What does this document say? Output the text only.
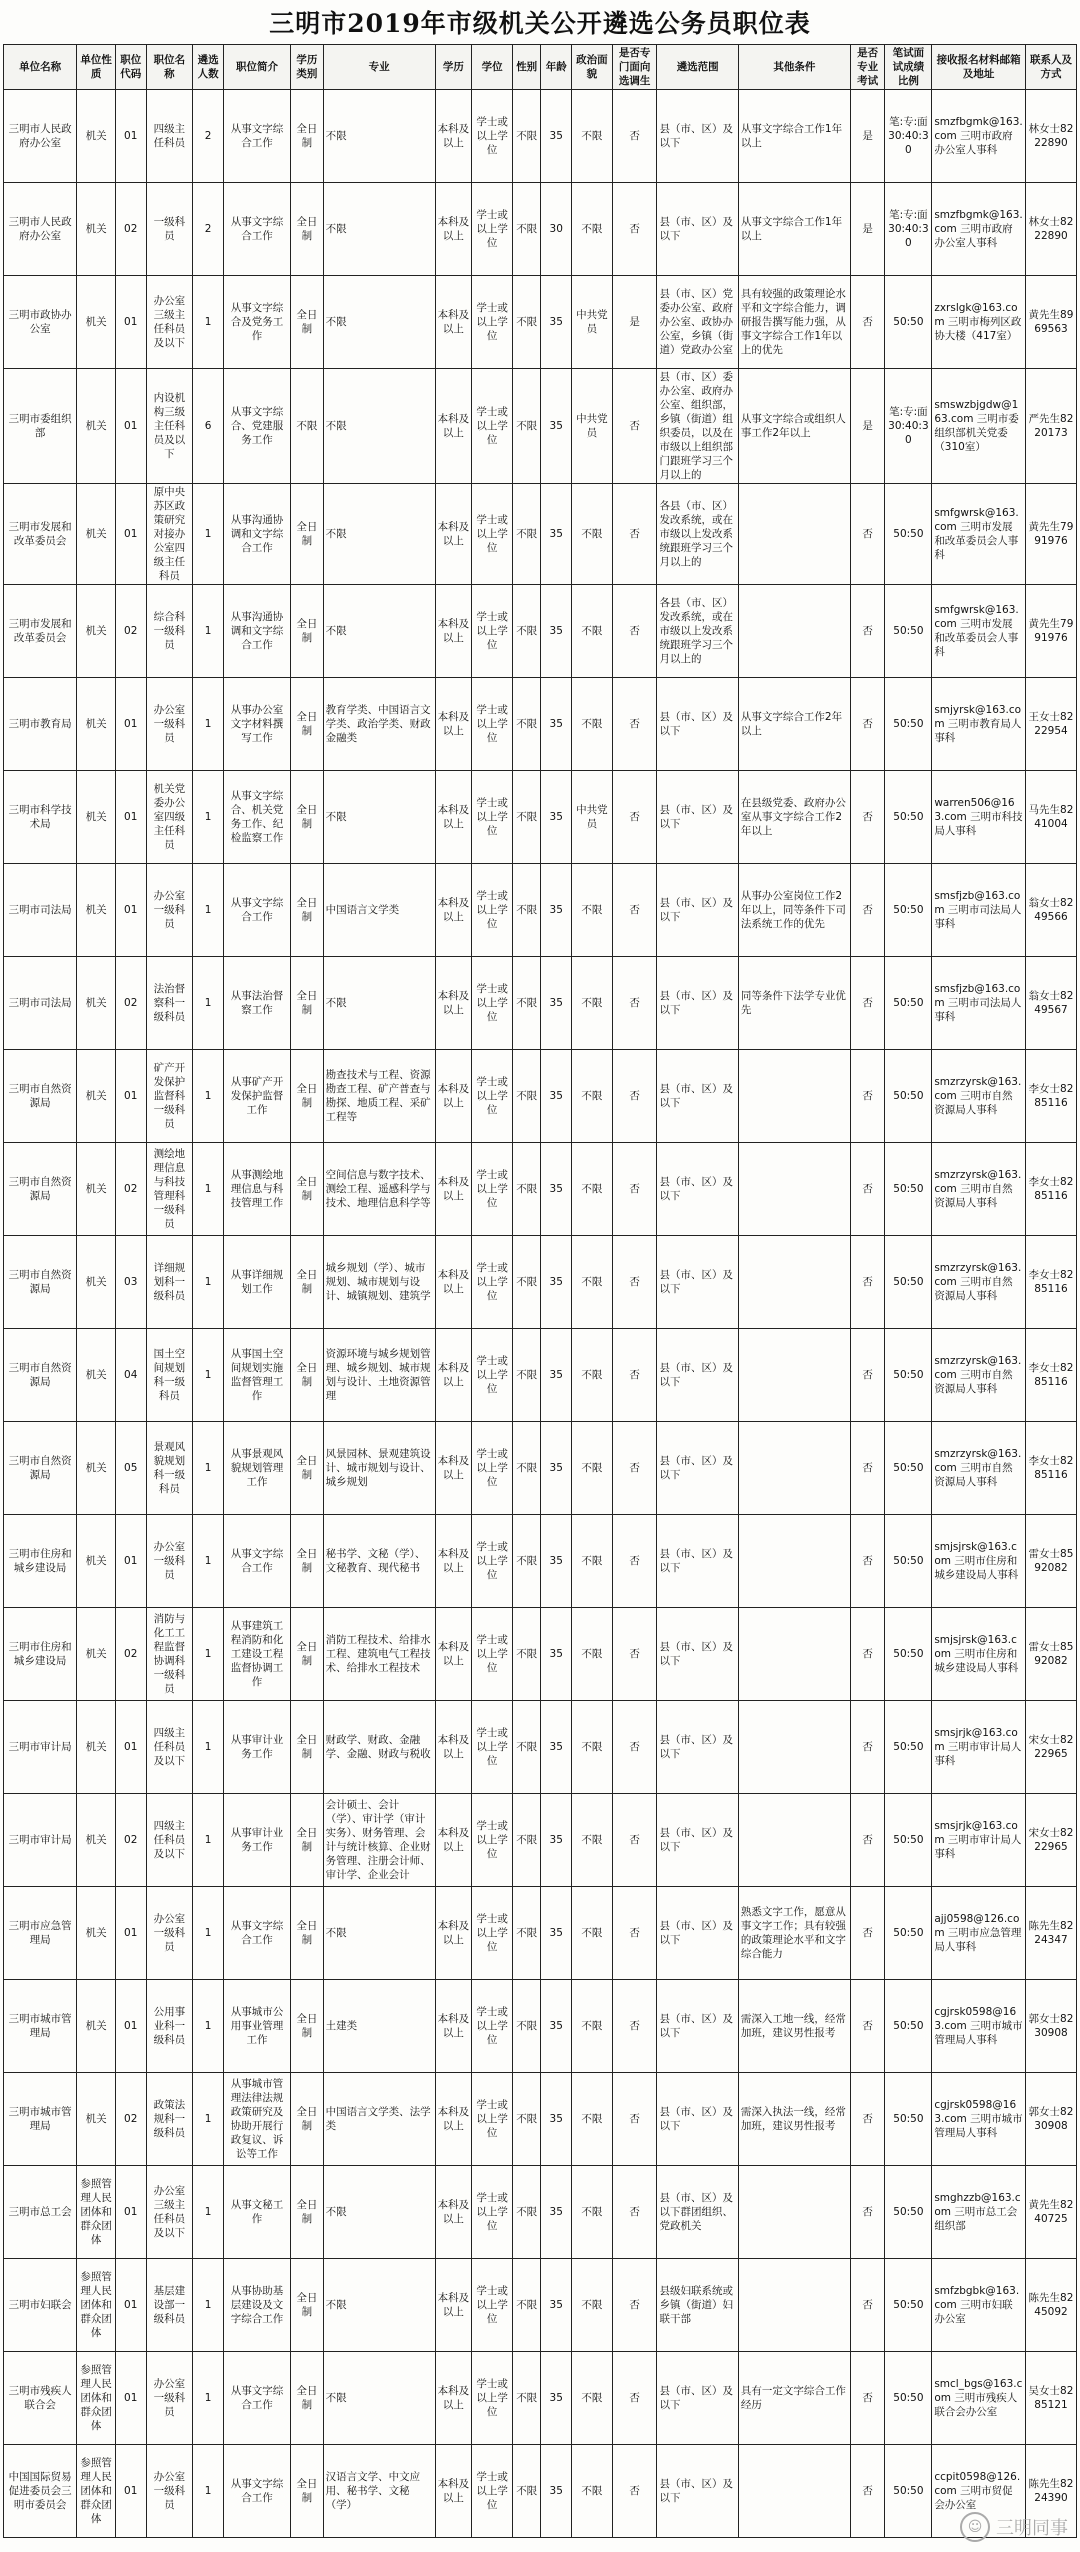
三明市2019年市级机关公开遴选公务员职位表
单位名称	单位性质	职位代码	职位名称	遴选人数	职位简介	学历类别	专业	学历	学位	性别	年龄	政治面貌	是否专门面向选调生	遴选范围	其他条件	是否专业考试	笔试面试成绩比例	接收报名材料邮箱及地址	联系人及方式
三明市人民政府办公室	机关	01	四级主任科员	2	从事文字综合工作	全日制	不限	本科及以上	学士或以上学位	不限	35	不限	否	县（市、区）及以下	从事文字综合工作1年以上	是	笔:专:面30:40:30	smzfbgmk@163.com 三明市政府办公室人事科	林女士8222890
三明市人民政府办公室	机关	02	一级科员	2	从事文字综合工作	全日制	不限	本科及以上	学士或以上学位	不限	30	不限	否	县（市、区）及以下	从事文字综合工作1年以上	是	笔:专:面30:40:30	smzfbgmk@163.com 三明市政府办公室人事科	林女士8222890
三明市政协办公室	机关	01	办公室三级主任科员及以下	1	从事文字综合及党务工作	全日制	不限	本科及以上	学士或以上学位	不限	35	中共党员	是	县（市、区）党委办公室、政府办公室、政协办公室，乡镇（街道）党政办公室	具有较强的政策理论水平和文字综合能力，调研报告撰写能力强，从事文字综合工作1年以上的优先	否	50:50	zxrslgk@163.com 三明市梅列区政协大楼（417室）	黄先生8969563
三明市委组织部	机关	01	内设机构三级主任科员及以下	6	从事文字综合、党建服务工作	不限	不限	本科及以上	学士或以上学位	不限	35	中共党员	否	县（市、区）委办公室、政府办公室、组织部，乡镇（街道）组织委员，以及在市级以上组织部门跟班学习三个月以上的	从事文字综合或组织人事工作2年以上	是	笔:专:面30:40:30	smswzbjgdw@163.com 三明市委组织部机关党委（310室）	严先生8220173
三明市发展和改革委员会	机关	01	原中央苏区政策研究对接办公室四级主任科员	1	从事沟通协调和文字综合工作	全日制	不限	本科及以上	学士或以上学位	不限	35	不限	否	各县（市、区）发改系统，或在市级以上发改系统跟班学习三个月以上的		否	50:50	smfgwrsk@163.com 三明市发展和改革委员会人事科	黄先生7991976
三明市发展和改革委员会	机关	02	综合科一级科员	1	从事沟通协调和文字综合工作	全日制	不限	本科及以上	学士或以上学位	不限	35	不限	否	各县（市、区）发改系统，或在市级以上发改系统跟班学习三个月以上的		否	50:50	smfgwrsk@163.com 三明市发展和改革委员会人事科	黄先生7991976
三明市教育局	机关	01	办公室一级科员	1	从事办公室文字材料撰写工作	全日制	教育学类、中国语言文学类、政治学类、财政金融类	本科及以上	学士或以上学位	不限	35	不限	否	县（市、区）及以下	从事文字综合工作2年以上	否	50:50	smjyrsk@163.com 三明市教育局人事科	王女士8222954
三明市科学技术局	机关	01	机关党委办公室四级主任科员	1	从事文字综合、机关党务工作、纪检监察工作	全日制	不限	本科及以上	学士或以上学位	不限	35	中共党员	否	县（市、区）及以下	在县级党委、政府办公室从事文字综合工作2年以上	否	50:50	warren506@163.com 三明市科技局人事科	马先生8241004
三明市司法局	机关	01	办公室一级科员	1	从事文字综合工作	全日制	中国语言文学类	本科及以上	学士或以上学位	不限	35	不限	否	县（市、区）及以下	从事办公室岗位工作2年以上，同等条件下司法系统工作的优先	否	50:50	smsfjzb@163.com 三明市司法局人事科	翁女士8249566
三明市司法局	机关	02	法治督察科一级科员	1	从事法治督察工作	全日制	不限	本科及以上	学士或以上学位	不限	35	不限	否	县（市、区）及以下	同等条件下法学专业优先	否	50:50	smsfjzb@163.com 三明市司法局人事科	翁女士8249567
三明市自然资源局	机关	01	矿产开发保护监督科一级科员	1	从事矿产开发保护监督工作	全日制	勘查技术与工程、资源勘查工程、矿产普查与勘探、地质工程、采矿工程等	本科及以上	学士或以上学位	不限	35	不限	否	县（市、区）及以下		否	50:50	smzrzyrsk@163.com 三明市自然资源局人事科	李女士8285116
三明市自然资源局	机关	02	测绘地理信息与科技管理科一级科员	1	从事测绘地理信息与科技管理工作	全日制	空间信息与数字技术、测绘工程、遥感科学与技术、地理信息科学等	本科及以上	学士或以上学位	不限	35	不限	否	县（市、区）及以下		否	50:50	smzrzyrsk@163.com 三明市自然资源局人事科	李女士8285116
三明市自然资源局	机关	03	详细规划科一级科员	1	从事详细规划工作	全日制	城乡规划（学）、城市规划、城市规划与设计、城镇规划、建筑学	本科及以上	学士或以上学位	不限	35	不限	否	县（市、区）及以下		否	50:50	smzrzyrsk@163.com 三明市自然资源局人事科	李女士8285116
三明市自然资源局	机关	04	国土空间规划科一级科员	1	从事国土空间规划实施监督管理工作	全日制	资源环境与城乡规划管理、城乡规划、城市规划与设计、土地资源管理	本科及以上	学士或以上学位	不限	35	不限	否	县（市、区）及以下		否	50:50	smzrzyrsk@163.com 三明市自然资源局人事科	李女士8285116
三明市自然资源局	机关	05	景观风貌规划科一级科员	1	从事景观风貌规划管理工作	全日制	风景园林、景观建筑设计、城市规划与设计、城乡规划	本科及以上	学士或以上学位	不限	35	不限	否	县（市、区）及以下		否	50:50	smzrzyrsk@163.com 三明市自然资源局人事科	李女士8285116
三明市住房和城乡建设局	机关	01	办公室一级科员	1	从事文字综合工作	全日制	秘书学、文秘（学）、文秘教育、现代秘书	本科及以上	学士或以上学位	不限	35	不限	否	县（市、区）及以下		否	50:50	smjsjrsk@163.com 三明市住房和城乡建设局人事科	雷女士8592082
三明市住房和城乡建设局	机关	02	消防与化工工程监督协调科一级科员	1	从事建筑工程消防和化工建设工程监督协调工作	全日制	消防工程技术、给排水工程、建筑电气工程技术、给排水工程技术	本科及以上	学士或以上学位	不限	35	不限	否	县（市、区）及以下		否	50:50	smjsjrsk@163.com 三明市住房和城乡建设局人事科	雷女士8592082
三明市审计局	机关	01	四级主任科员及以下	1	从事审计业务工作	全日制	财政学、财政、金融学、金融、财政与税收	本科及以上	学士或以上学位	不限	35	不限	否	县（市、区）及以下		否	50:50	smsjrjk@163.com 三明市审计局人事科	宋女士8222965
三明市审计局	机关	02	四级主任科员及以下	1	从事审计业务工作	全日制	会计硕士、会计（学）、审计学（审计实务）、财务管理、会计与统计核算、企业财务管理、注册会计师、审计学、企业会计	本科及以上	学士或以上学位	不限	35	不限	否	县（市、区）及以下		否	50:50	smsjrjk@163.com 三明市审计局人事科	宋女士8222965
三明市应急管理局	机关	01	办公室一级科员	1	从事文字综合工作	全日制	不限	本科及以上	学士或以上学位	不限	35	不限	否	县（市、区）及以下	熟悉文字工作，愿意从事文字工作；具有较强的政策理论水平和文字综合能力	否	50:50	ajj0598@126.com 三明市应急管理局人事科	陈先生8224347
三明市城市管理局	机关	01	公用事业科一级科员	1	从事城市公用事业管理工作	全日制	土建类	本科及以上	学士或以上学位	不限	35	不限	否	县（市、区）及以下	需深入工地一线，经常加班，建议男性报考	否	50:50	cgjrsk0598@163.com 三明市城市管理局人事科	郭女士8230908
三明市城市管理局	机关	02	政策法规科一级科员	1	从事城市管理法律法规政策研究及协助开展行政复议、诉讼等工作	全日制	中国语言文学类、法学类	本科及以上	学士或以上学位	不限	35	不限	否	县（市、区）及以下	需深入执法一线，经常加班，建议男性报考	否	50:50	cgjrsk0598@163.com 三明市城市管理局人事科	郭女士8230908
三明市总工会	参照管理人民团体和群众团体	01	办公室三级主任科员及以下	1	从事文秘工作	全日制	不限	本科及以上	学士或以上学位	不限	35	不限	否	县（市、区）及以下群团组织、党政机关		否	50:50	smghzzb@163.com 三明市总工会组织部	黄先生8240725
三明市妇联会	参照管理人民团体和群众团体	01	基层建设部一级科员	1	从事协助基层建设及文字综合工作	全日制	不限	本科及以上	学士或以上学位	不限	35	不限	否	县级妇联系统或乡镇（街道）妇联干部		否	50:50	smfzbgbk@163.com 三明市妇联办公室	陈先生8245092
三明市残疾人联合会	参照管理人民团体和群众团体	01	办公室一级科员	1	从事文字综合工作	全日制	不限	本科及以上	学士或以上学位	不限	35	不限	否	县（市、区）及以下	具有一定文字综合工作经历	否	50:50	smcl_bgs@163.com 三明市残疾人联合会办公室	吴女士8285121
中国国际贸易促进委员会三明市委员会	参照管理人民团体和群众团体	01	办公室一级科员	1	从事文字综合工作	全日制	汉语言文学、中文应用、秘书学、文秘（学）	本科及以上	学士或以上学位	不限	35	不限	否	县（市、区）及以下		否	50:50	ccpit0598@126.com 三明市贸促会办公室	陈先生8224390
☺ 三明同事
